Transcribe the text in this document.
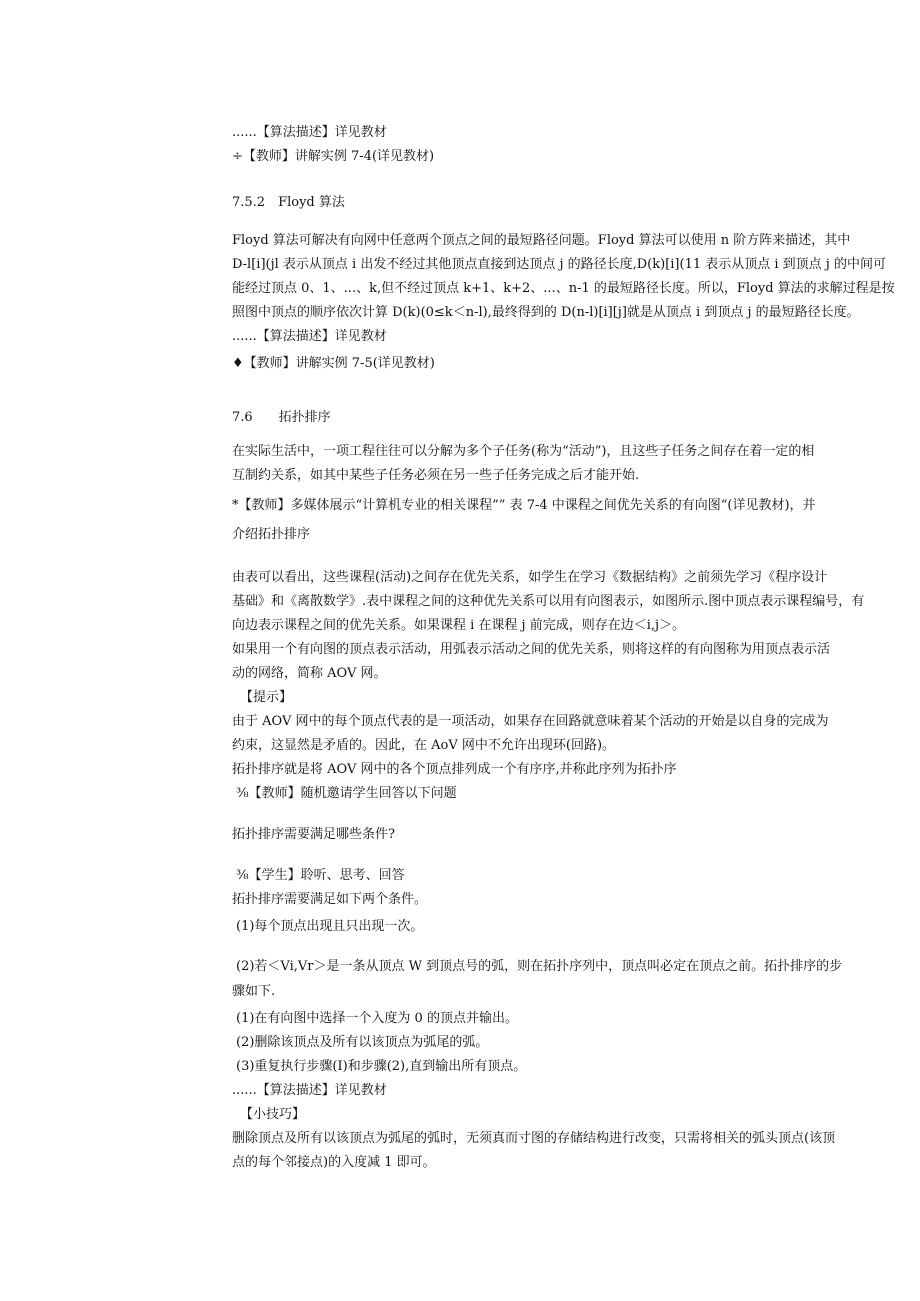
......【算法描述】详见教材
÷【教师】讲解实例 7-4(详见教材)
7.5.2　Floyd 算法
Floyd 算法可解决有向网中任意两个顶点之间的最短路径问题。Floyd 算法可以使用 n 阶方阵来描述，其中
D-l[i](jl 表示从顶点 i 出发不经过其他顶点直接到达顶点 j 的路径长度,D(k)[i](11 表示从顶点 i 到顶点 j 的中间可
能经过顶点 0、1、...、k,但不经过顶点 k+1、k+2、...、n-1 的最短路径长度。所以，Floyd 算法的求解过程是按
照图中顶点的顺序依次计算 D(k)(0≤k＜n-l),最终得到的 D(n-l)[i][j]就是从顶点 i 到顶点 j 的最短路径长度。
......【算法描述】详见教材
♦【教师】讲解实例 7-5(详见教材)
7.6　　拓扑排序
在实际生活中，一项工程往往可以分解为多个子任务(称为“活动”)，且这些子任务之间存在着一定的相
互制约关系，如其中某些子任务必须在另一些子任务完成之后才能开始.
*【教师】多媒体展示“计算机专业的相关课程”” 表 7-4 中课程之间优先关系的有向图“(详见教材)，并
介绍拓扑排序
由表可以看出，这些课程(活动)之间存在优先关系，如学生在学习《数据结构》之前须先学习《程序设计
基础》和《离散数学》.表中课程之间的这种优先关系可以用有向图表示，如图所示.图中顶点表示课程编号，有
向边表示课程之间的优先关系。如果课程 i 在课程 j 前完成，则存在边＜i,j＞。
如果用一个有向图的顶点表示活动，用弧表示活动之间的优先关系，则将这样的有向图称为用顶点表示活
动的网络，简称 AOV 网。
【提示】
由于 AOV 网中的每个顶点代表的是一项活动，如果存在回路就意味着某个活动的开始是以自身的完成为
约束，这显然是矛盾的。因此，在 AoV 网中不允许出现环(回路)。
拓扑排序就是将 AOV 网中的各个顶点排列成一个有序序,并称此序列为拓扑序
⅜【教师】随机邀请学生回答以下问题
拓扑排序需要满足哪些条件?
⅜【学生】聆听、思考、回答
拓扑排序需要满足如下两个条件。
(1)每个顶点出现且只出现一次。
(2)若＜Vi,Vr＞是一条从顶点 W 到顶点号的弧，则在拓扑序列中，顶点叫必定在顶点之前。拓扑排序的步
骤如下.
(1)在有向图中选择一个入度为 0 的顶点并输出。
(2)删除该顶点及所有以该顶点为弧尾的弧。
(3)重复执行步骤(I)和步骤(2),直到输出所有顶点。
......【算法描述】详见教材
【小技巧】
删除顶点及所有以该顶点为弧尾的弧时，无须真而寸图的存储结构进行改变，只需将相关的弧头顶点(该顶
点的每个邻接点)的入度减 1 即可。
